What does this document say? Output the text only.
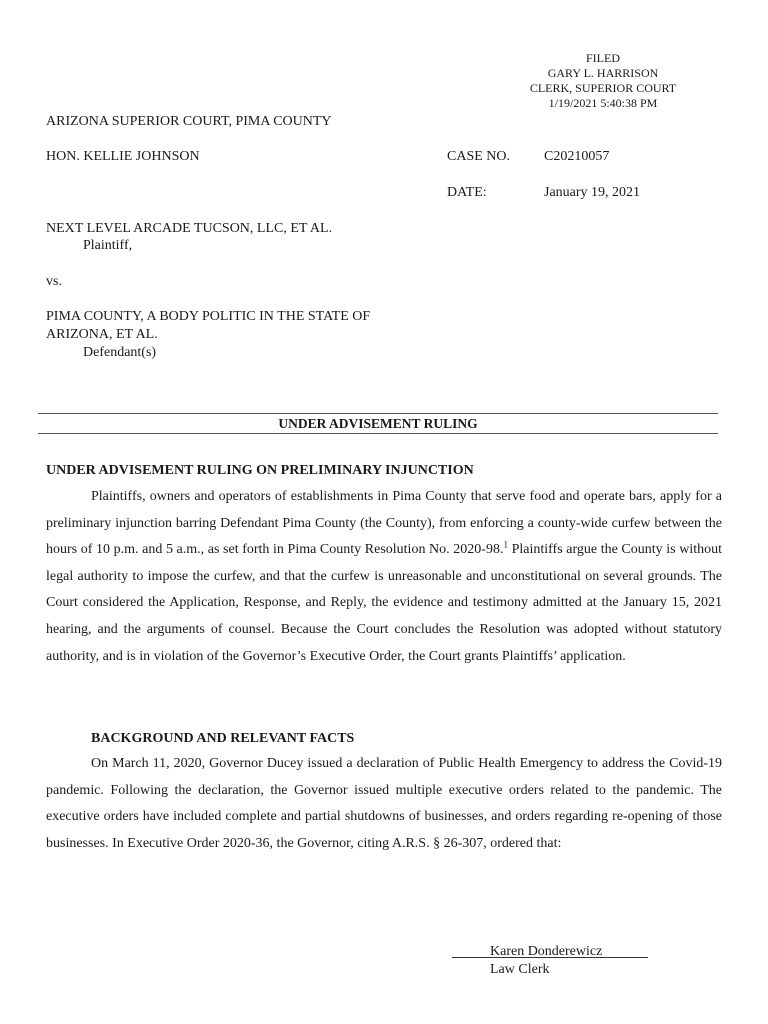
FILED
GARY L. HARRISON
CLERK, SUPERIOR COURT
1/19/2021 5:40:38 PM
ARIZONA SUPERIOR COURT, PIMA COUNTY
HON. KELLIE JOHNSON	CASE NO. C20210057
DATE:	January 19, 2021
NEXT LEVEL ARCADE TUCSON, LLC, ET AL.
Plaintiff,
vs.
PIMA COUNTY, A BODY POLITIC IN THE STATE OF
ARIZONA, ET AL.
Defendant(s)
UNDER ADVISEMENT RULING
UNDER ADVISEMENT RULING ON PRELIMINARY INJUNCTION

Plaintiffs, owners and operators of establishments in Pima County that serve food and operate bars, apply for a preliminary injunction barring Defendant Pima County (the County), from enforcing a county-wide curfew between the hours of 10 p.m. and 5 a.m., as set forth in Pima County Resolution No. 2020-98.$^1$ Plaintiffs argue the County is without legal authority to impose the curfew, and that the curfew is unreasonable and unconstitutional on several grounds. The Court considered the Application, Response, and Reply, the evidence and testimony admitted at the January 15, 2021 hearing, and the arguments of counsel. Because the Court concludes the Resolution was adopted without statutory authority, and is in violation of the Governor’s Executive Order, the Court grants Plaintiffs’ application.

BACKGROUND AND RELEVANT FACTS

On March 11, 2020, Governor Ducey issued a declaration of Public Health Emergency to address the Covid-19 pandemic. Following the declaration, the Governor issued multiple executive orders related to the pandemic. The executive orders have included complete and partial shutdowns of businesses, and orders regarding re-opening of those businesses. In Executive Order 2020-36, the Governor, citing A.R.S. § 26-307, ordered that:

Karen Donderewicz
Law Clerk
